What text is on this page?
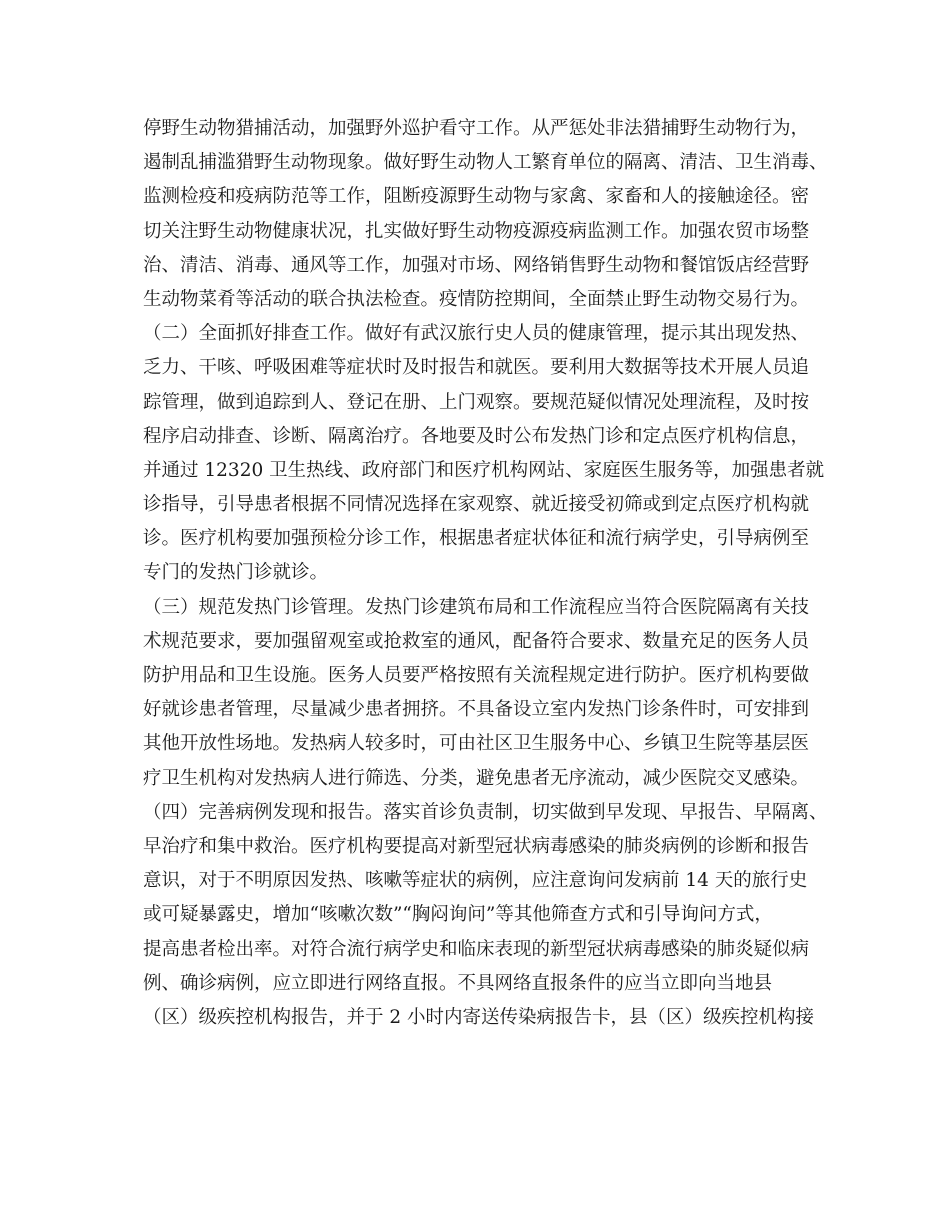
停野生动物猎捕活动，加强野外巡护看守工作。从严惩处非法猎捕野生动物行为，
遏制乱捕滥猎野生动物现象。做好野生动物人工繁育单位的隔离、清洁、卫生消毒、
监测检疫和疫病防范等工作，阻断疫源野生动物与家禽、家畜和人的接触途径。密
切关注野生动物健康状况，扎实做好野生动物疫源疫病监测工作。加强农贸市场整
治、清洁、消毒、通风等工作，加强对市场、网络销售野生动物和餐馆饭店经营野
生动物菜肴等活动的联合执法检查。疫情防控期间，全面禁止野生动物交易行为。
（二）全面抓好排查工作。做好有武汉旅行史人员的健康管理，提示其出现发热、
乏力、干咳、呼吸困难等症状时及时报告和就医。要利用大数据等技术开展人员追
踪管理，做到追踪到人、登记在册、上门观察。要规范疑似情况处理流程，及时按
程序启动排查、诊断、隔离治疗。各地要及时公布发热门诊和定点医疗机构信息，
并通过 12320 卫生热线、政府部门和医疗机构网站、家庭医生服务等，加强患者就
诊指导，引导患者根据不同情况选择在家观察、就近接受初筛或到定点医疗机构就
诊。医疗机构要加强预检分诊工作，根据患者症状体征和流行病学史，引导病例至
专门的发热门诊就诊。
（三）规范发热门诊管理。发热门诊建筑布局和工作流程应当符合医院隔离有关技
术规范要求，要加强留观室或抢救室的通风，配备符合要求、数量充足的医务人员
防护用品和卫生设施。医务人员要严格按照有关流程规定进行防护。医疗机构要做
好就诊患者管理，尽量减少患者拥挤。不具备设立室内发热门诊条件时，可安排到
其他开放性场地。发热病人较多时，可由社区卫生服务中心、乡镇卫生院等基层医
疗卫生机构对发热病人进行筛选、分类，避免患者无序流动，减少医院交叉感染。
（四）完善病例发现和报告。落实首诊负责制，切实做到早发现、早报告、早隔离、
早治疗和集中救治。医疗机构要提高对新型冠状病毒感染的肺炎病例的诊断和报告
意识，对于不明原因发热、咳嗽等症状的病例，应注意询问发病前 14 天的旅行史
或可疑暴露史，增加“咳嗽次数”“胸闷询问”等其他筛查方式和引导询问方式，
提高患者检出率。对符合流行病学史和临床表现的新型冠状病毒感染的肺炎疑似病
例、确诊病例，应立即进行网络直报。不具网络直报条件的应当立即向当地县
（区）级疾控机构报告，并于 2 小时内寄送传染病报告卡，县（区）级疾控机构接
